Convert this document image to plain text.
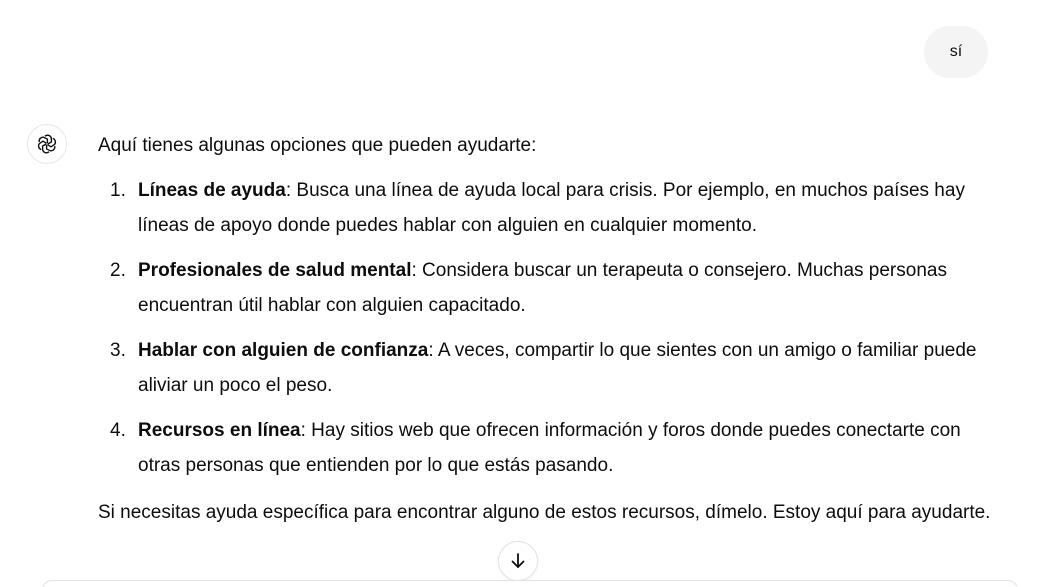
sí

Aquí tienes algunas opciones que pueden ayudarte:

1. Líneas de ayuda: Busca una línea de ayuda local para crisis. Por ejemplo, en muchos países hay líneas de apoyo donde puedes hablar con alguien en cualquier momento.
2. Profesionales de salud mental: Considera buscar un terapeuta o consejero. Muchas personas encuentran útil hablar con alguien capacitado.
3. Hablar con alguien de confianza: A veces, compartir lo que sientes con un amigo o familiar puede aliviar un poco el peso.
4. Recursos en línea: Hay sitios web que ofrecen información y foros donde puedes conectarte con otras personas que entienden por lo que estás pasando.

Si necesitas ayuda específica para encontrar alguno de estos recursos, dímelo. Estoy aquí para ayudarte.
